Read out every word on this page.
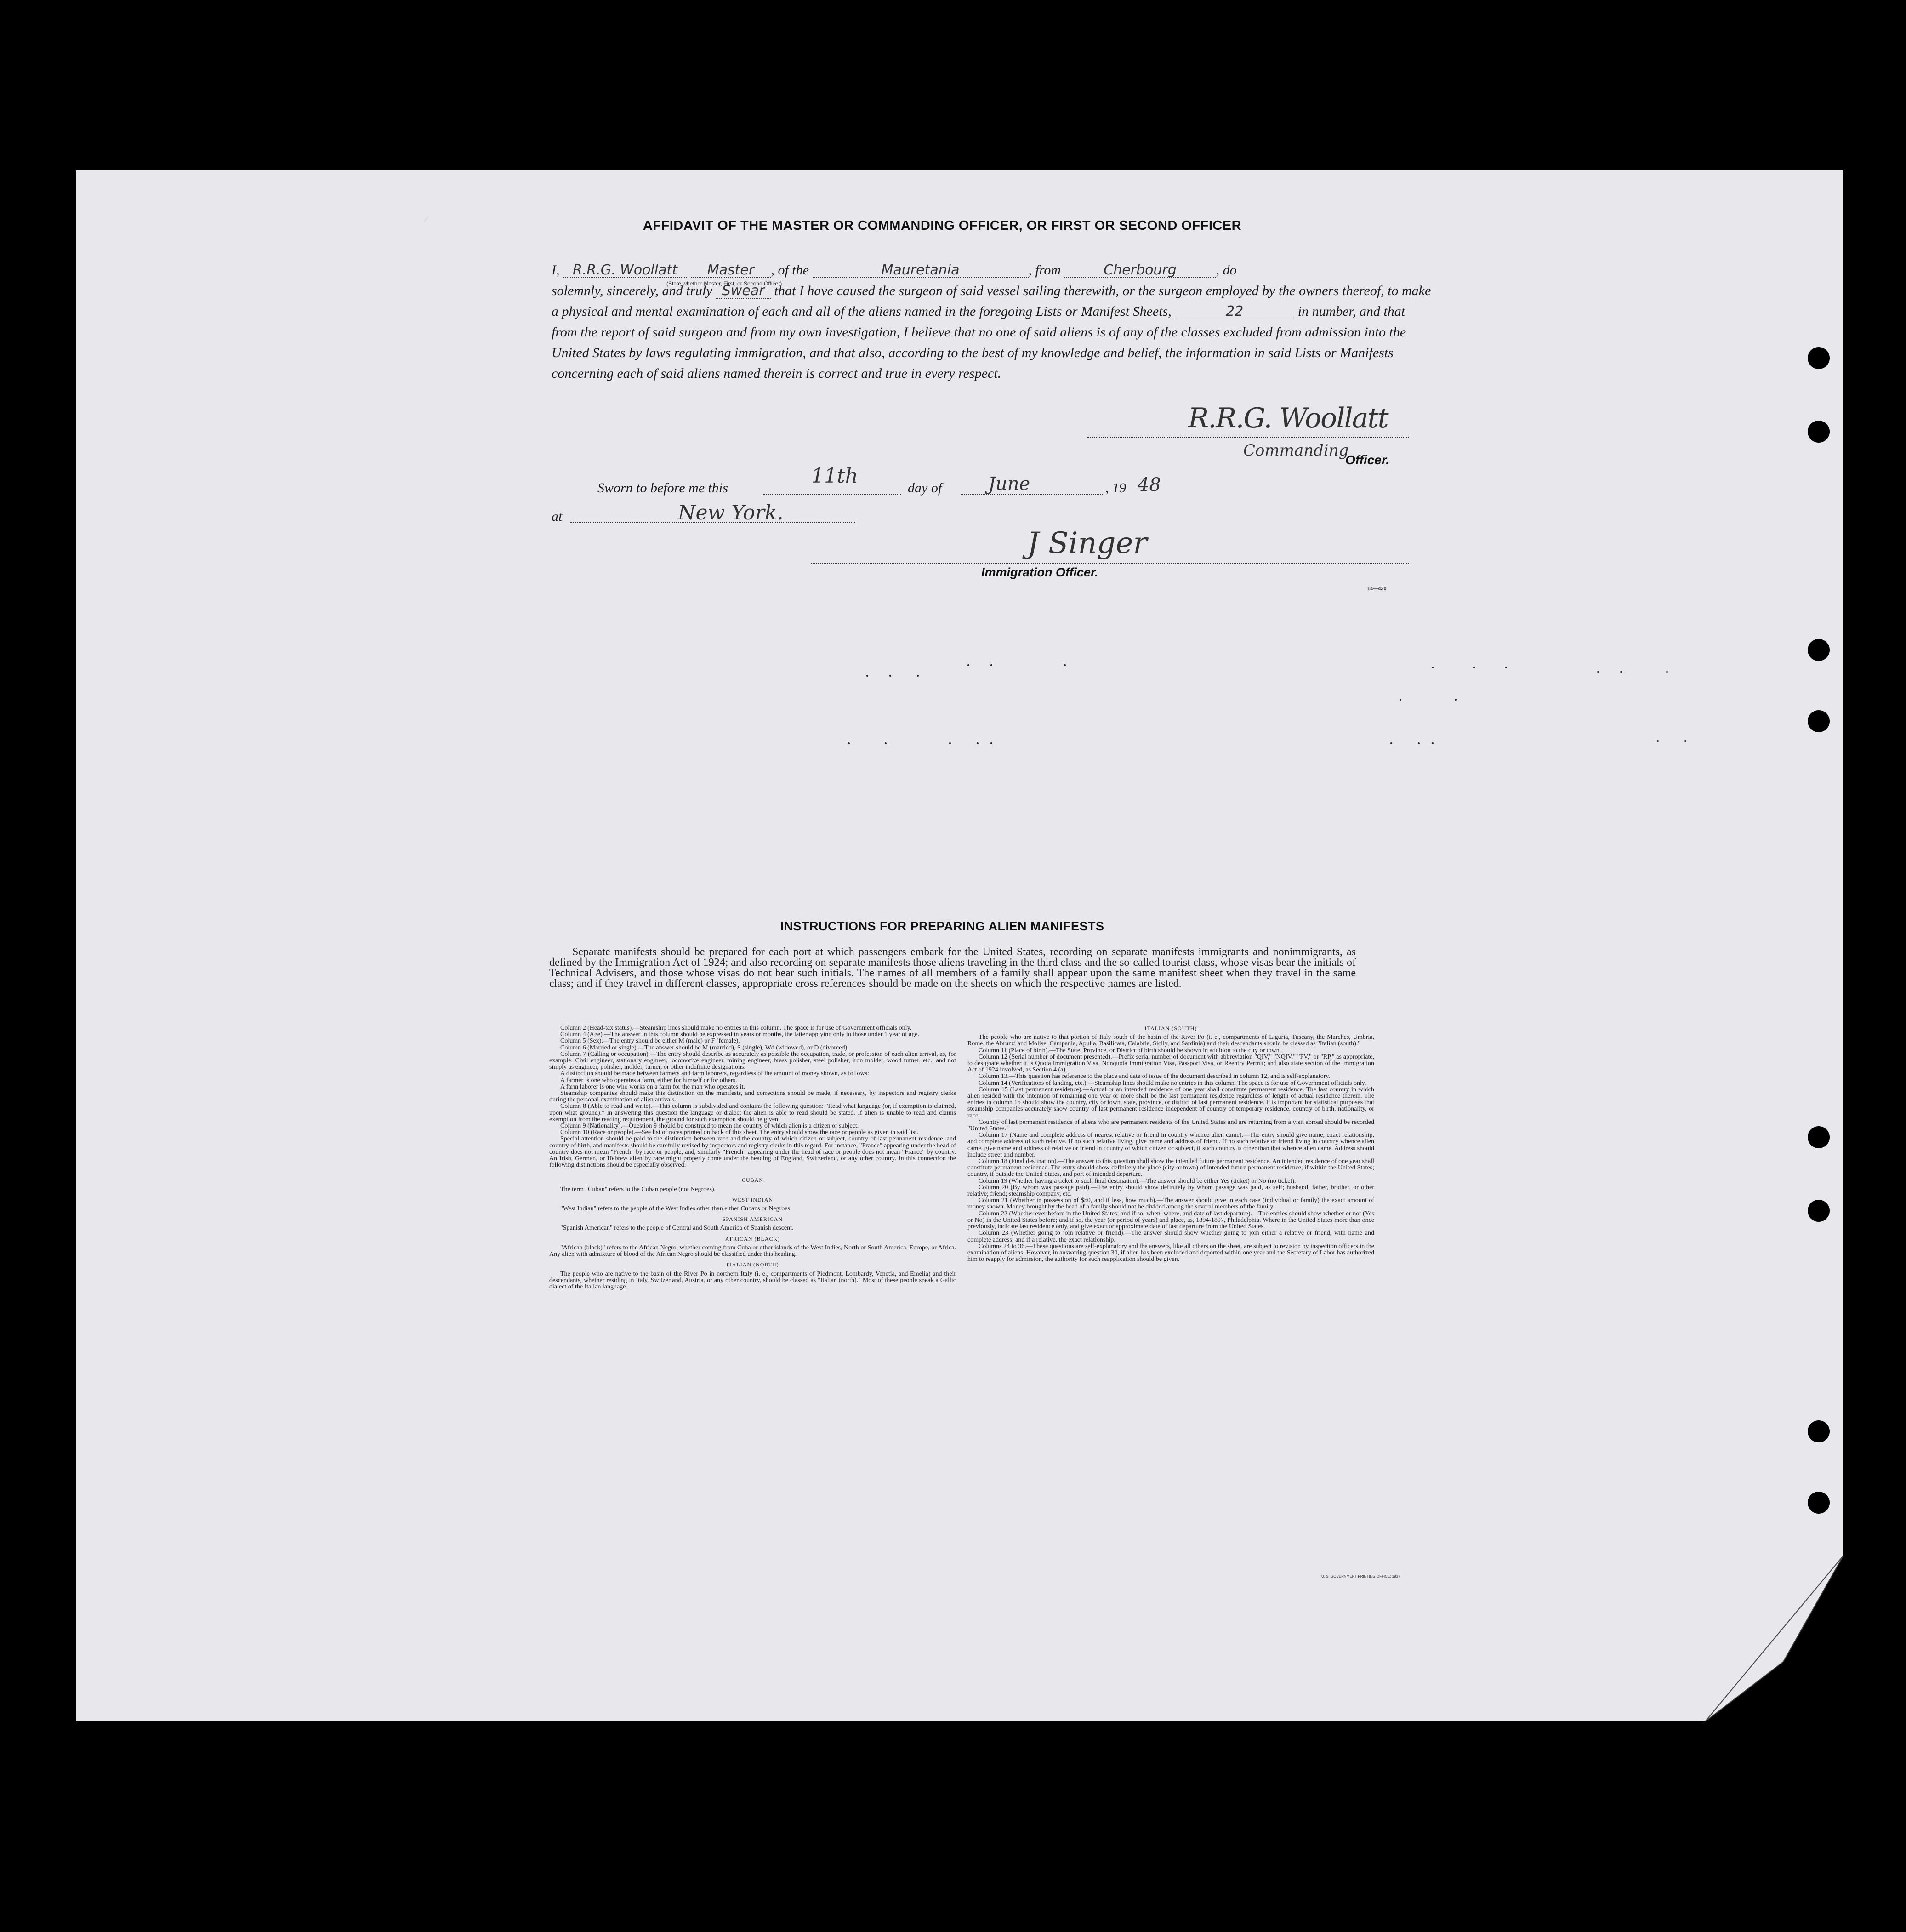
AFFIDAVIT OF THE MASTER OR COMMANDING OFFICER, OR FIRST OR SECOND OFFICER
I, R.R.G. Woollatt Master , of the	Mauretania	, from	Cherbourg	, do
solemnly, sincerely, and truly Swear that I have caused the surgeon of said vessel sailing therewith, or the surgeon employed by the owners thereof, to make a physical and mental examination of each and all of the aliens named in the foregoing Lists or Manifest Sheets,	22	in number, and that from the report of said surgeon and from my own investigation, I believe that no one of said aliens is of any of the classes excluded from admission into the United States by laws regulating immigration, and that also, according to the best of my knowledge and belief, the information in said Lists or Manifests concerning each of said aliens named therein is correct and true in every respect.
(State whether Master, First, or Second Officer)
R.R.G. Woollatt
Commanding
Officer.
Sworn to before me this
11th
day of	June	, 19 48
at	New York.
J Singer
Immigration Officer.
14—430
INSTRUCTIONS FOR PREPARING ALIEN MANIFESTS
Separate manifests should be prepared for each port at which passengers embark for the United States, recording on separate manifests immigrants and nonimmigrants, as defined by the Immigration Act of 1924; and also recording on separate manifests those aliens traveling in the third class and the so-called tourist class, whose visas bear the initials of Technical Advisers, and those whose visas do not bear such initials. The names of all members of a family shall appear upon the same manifest sheet when they travel in the same class; and if they travel in different classes, appropriate cross references should be made on the sheets on which the respective names are listed.

Column 2 (Head-tax status).—Steamship lines should make no entries in this column. The space is for use of Government officials only.

Column 4 (Age).—The answer in this column should be expressed in years or months, the latter applying only to those under 1 year of age.

Column 5 (Sex).—The entry should be either M (male) or F (female).

Column 6 (Married or single).—The answer should be M (married), S (single), Wd (widowed), or D (divorced).

Column 7 (Calling or occupation).—The entry should describe as accurately as possible the occupation, trade, or profession of each alien arrival, as, for example: Civil engineer, stationary engineer, locomotive engineer, mining engineer, brass polisher, steel polisher, iron molder, wood turner, etc., and not simply as engineer, polisher, molder, turner, or other indefinite designations.

A distinction should be made between farmers and farm laborers, regardless of the amount of money shown, as follows:

A farmer is one who operates a farm, either for himself or for others.

A farm laborer is one who works on a farm for the man who operates it.

Steamship companies should make this distinction on the manifests, and corrections should be made, if necessary, by inspectors and registry clerks during the personal examination of alien arrivals.

Column 8 (Able to read and write).—This column is subdivided and contains the following question: "Read what language (or, if exemption is claimed, upon what ground)." In answering this question the language or dialect the alien is able to read should be stated. If alien is unable to read and claims exemption from the reading requirement, the ground for such exemption should be given.

Column 9 (Nationality).—Question 9 should be construed to mean the country of which alien is a citizen or subject.

Column 10 (Race or people).—See list of races printed on back of this sheet. The entry should show the race or people as given in said list.

Special attention should be paid to the distinction between race and the country of which citizen or subject, country of last permanent residence, and country of birth, and manifests should be carefully revised by inspectors and registry clerks in this regard. For instance, "France" appearing under the head of country does not mean "French" by race or people, and, similarly "French" appearing under the head of race or people does not mean "France" by country. An Irish, German, or Hebrew alien by race might properly come under the heading of England, Switzerland, or any other country. In this connection the following distinctions should be especially observed:

CUBAN

The term "Cuban" refers to the Cuban people (not Negroes).

WEST INDIAN

"West Indian" refers to the people of the West Indies other than either Cubans or Negroes.

SPANISH AMERICAN

"Spanish American" refers to the people of Central and South America of Spanish descent.

AFRICAN (BLACK)

"African (black)" refers to the African Negro, whether coming from Cuba or other islands of the West Indies, North or South America, Europe, or Africa. Any alien with admixture of blood of the African Negro should be classified under this heading.

ITALIAN (NORTH)

The people who are native to the basin of the River Po in northern Italy (i. e., compartments of Piedmont, Lombardy, Venetia, and Emelia) and their descendants, whether residing in Italy, Switzerland, Austria, or any other country, should be classed as "Italian (north)." Most of these people speak a Gallic dialect of the Italian language.

ITALIAN (SOUTH)

The people who are native to that portion of Italy south of the basin of the River Po (i. e., compartments of Liguria, Tuscany, the Marches, Umbria, Rome, the Abruzzi and Molise, Campania, Apulia, Basilicata, Calabria, Sicily, and Sardinia) and their descendants should be classed as "Italian (south)."

Column 11 (Place of birth).—The State, Province, or District of birth should be shown in addition to the city or town.

Column 12 (Serial number of document presented).—Prefix serial number of document with abbreviation "QIV," "NQIV," "PV," or "RP," as appropriate, to designate whether it is Quota Immigration Visa, Nonquota Immigration Visa, Passport Visa, or Reentry Permit; and also state section of the Immigration Act of 1924 involved, as Section 4 (a).

Column 13.—This question has reference to the place and date of issue of the document described in column 12, and is self-explanatory.

Column 14 (Verifications of landing, etc.).—Steamship lines should make no entries in this column. The space is for use of Government officials only.

Column 15 (Last permanent residence).—Actual or an intended residence of one year shall constitute permanent residence. The last country in which alien resided with the intention of remaining one year or more shall be the last permanent residence regardless of length of actual residence therein. The entries in column 15 should show the country, city or town, state, province, or district of last permanent residence. It is important for statistical purposes that steamship companies accurately show country of last permanent residence independent of country of temporary residence, country of birth, nationality, or race.

Country of last permanent residence of aliens who are permanent residents of the United States and are returning from a visit abroad should be recorded "United States."

Column 17 (Name and complete address of nearest relative or friend in country whence alien came).—The entry should give name, exact relationship, and complete address of such relative. If no such relative living, give name and address of friend. If no such relative or friend living in country whence alien came, give name and address of relative or friend in country of which citizen or subject, if such country is other than that whence alien came. Address should include street and number.

Column 18 (Final destination).—The answer to this question shall show the intended future permanent residence. An intended residence of one year shall constitute permanent residence. The entry should show definitely the place (city or town) of intended future permanent residence, if within the United States; country, if outside the United States, and port of intended departure.

Column 19 (Whether having a ticket to such final destination).—The answer should be either Yes (ticket) or No (no ticket).

Column 20 (By whom was passage paid).—The entry should show definitely by whom passage was paid, as self; husband, father, brother, or other relative; friend; steamship company, etc.

Column 21 (Whether in possession of $50, and if less, how much).—The answer should give in each case (individual or family) the exact amount of money shown. Money brought by the head of a family should not be divided among the several members of the family.

Column 22 (Whether ever before in the United States; and if so, when, where, and date of last departure).—The entries should show whether or not (Yes or No) in the United States before; and if so, the year (or period of years) and place, as, 1894-1897, Philadelphia. Where in the United States more than once previously, indicate last residence only, and give exact or approximate date of last departure from the United States.

Column 23 (Whether going to join relative or friend).—The answer should show whether going to join either a relative or friend, with name and complete address; and if a relative, the exact relationship.

Columns 24 to 36.—These questions are self-explanatory and the answers, like all others on the sheet, are subject to revision by inspection officers in the examination of aliens. However, in answering question 30, if alien has been excluded and deported within one year and the Secretary of Labor has authorized him to reapply for admission, the authority for such reapplication should be given.

U. S. GOVERNMENT PRINTING OFFICE: 1937
